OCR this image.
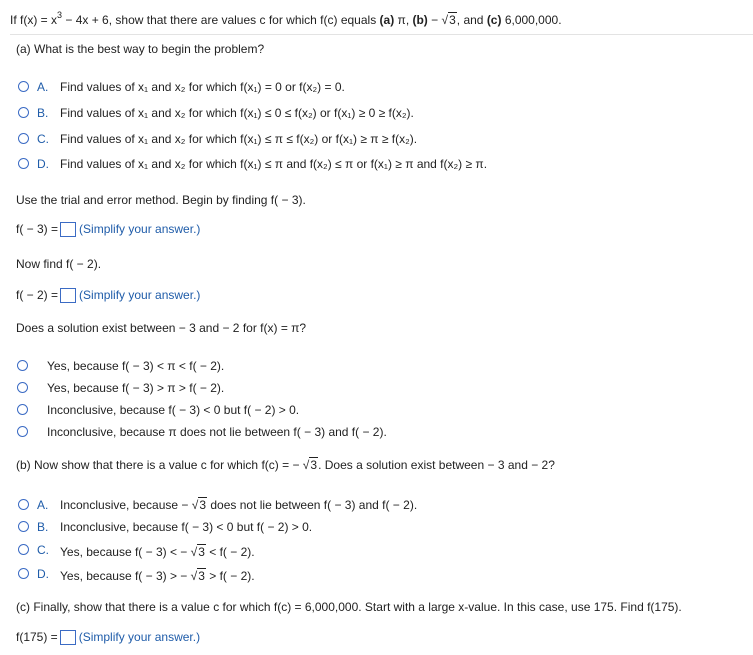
If $f(x) = x^3 - 4x + 6$, show that there are values c for which f(c) equals (a) π, (b) − √3, and (c) 6,000,000.
(a) What is the best way to begin the problem?
A. Find values of x₁ and x₂ for which f(x₁) = 0 or f(x₂) = 0.
B. Find values of x₁ and x₂ for which f(x₁) ≤ 0 ≤ f(x₂) or f(x₁) ≥ 0 ≥ f(x₂).
C. Find values of x₁ and x₂ for which f(x₁) ≤ π ≤ f(x₂) or f(x₁) ≥ π ≥ f(x₂).
D. Find values of x₁ and x₂ for which f(x₁) ≤ π and f(x₂) ≤ π or f(x₁) ≥ π and f(x₂) ≥ π.
Use the trial and error method. Begin by finding f( − 3).
f( − 3) = (Simplify your answer.)
Now find f( − 2).
f( − 2) = (Simplify your answer.)
Does a solution exist between − 3 and − 2 for f(x) = π?
Yes, because f( − 3) < π < f( − 2).
Yes, because f( − 3) > π > f( − 2).
Inconclusive, because f( − 3) < 0 but f( − 2) > 0.
Inconclusive, because π does not lie between f( − 3) and f( − 2).
(b) Now show that there is a value c for which f(c) = − √3. Does a solution exist between − 3 and − 2?
A. Inconclusive, because − √3 does not lie between f( − 3) and f( − 2).
B. Inconclusive, because f( − 3) < 0 but f( − 2) > 0.
C. Yes, because f( − 3) < − √3 < f( − 2).
D. Yes, because f( − 3) > − √3 > f( − 2).
(c) Finally, show that there is a value c for which f(c) = 6,000,000. Start with a large x-value. In this case, use 175. Find f(175).
f(175) = (Simplify your answer.)
